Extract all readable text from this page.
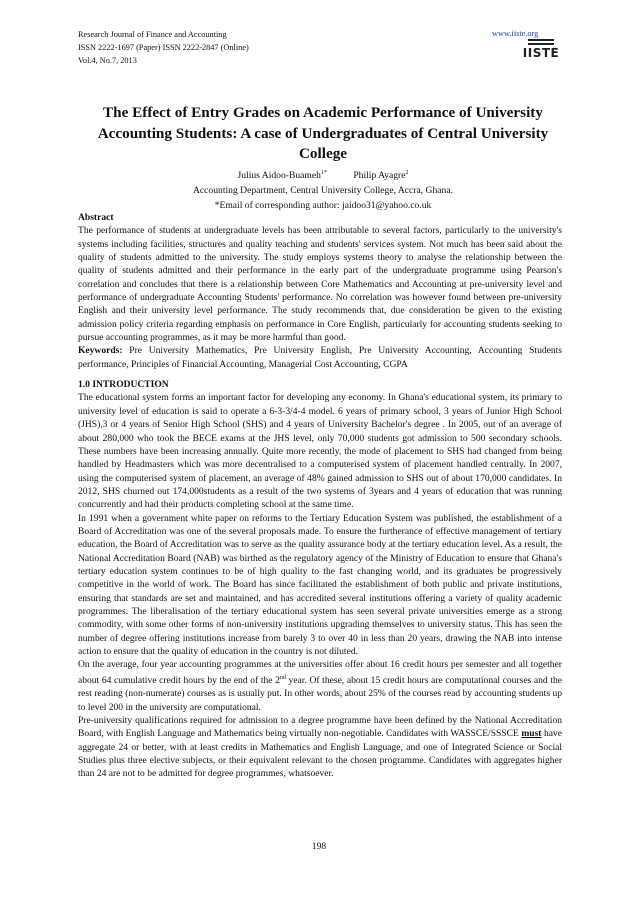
Research Journal of Finance and Accounting
ISSN 2222-1697 (Paper) ISSN 2222-2847 (Online)
Vol.4, No.7, 2013
www.iiste.org
IISTE
The Effect of Entry Grades on Academic Performance of University Accounting Students: A case of Undergraduates of Central University College
Julius Aidoo-Buameh$^{1*}$	Philip Ayagre$^2$
Accounting Department, Central University College, Accra, Ghana.
*Email of corresponding author: jaidoo31@yahoo.co.uk

Abstract

The performance of students at undergraduate levels has been attributable to several factors, particularly to the university's systems including facilities, structures and quality teaching and students' services system. Not much has been said about the quality of students admitted to the university. The study employs systems theory to analyse the relationship between the quality of students admitted and their performance in the early part of the undergraduate programme using Pearson's correlation and concludes that there is a relationship between Core Mathematics and Accounting at pre-university level and performance of undergraduate Accounting Students' performance. No correlation was however found between pre-university English and their university level performance. The study recommends that, due consideration be given to the existing admission policy criteria regarding emphasis on performance in Core English, particularly for accounting students seeking to pursue accounting programmes, as it may be more harmful than good.

Keywords: Pre University Mathematics, Pre University English, Pre University Accounting, Accounting Students performance, Principles of Financial Accounting, Managerial Cost Accounting, CGPA

1.0 INTRODUCTION

The educational system forms an important factor for developing any economy. In Ghana's educational system, its primary to university level of education is said to operate a 6-3-3/4-4 model. 6 years of primary school, 3 years of Junior High School (JHS),3 or 4 years of Senior High School (SHS) and 4 years of University Bachelor's degree . In 2005, out of an average of about 280,000 who took the BECE exams at the JHS level, only 70,000 students got admission to 500 secondary schools. These numbers have been increasing annually. Quite more recently, the mode of placement to SHS had changed from being handled by Headmasters which was more decentralised to a computerised system of placement handled centrally. In 2007, using the computerised system of placement, an average of 48% gained admission to SHS out of about 170,000 candidates. In 2012, SHS churned out 174,000students as a result of the two systems of 3years and 4 years of education that was running concurrently and had their products completing school at the same time.

In 1991 when a government white paper on reforms to the Tertiary Education System was published, the establishment of a Board of Accreditation was one of the several proposals made. To ensure the furtherance of effective management of tertiary education, the Board of Accreditation was to serve as the quality assurance body at the tertiary education level. As a result, the National Accreditation Board (NAB) was birthed as the regulatory agency of the Ministry of Education to ensure that Ghana's tertiary education system continues to be of high quality to the fast changing world, and its graduates be progressively competitive in the world of work. The Board has since facilitated the establishment of both public and private institutions, ensuring that standards are set and maintained, and has accredited several institutions offering a variety of quality academic programmes. The liberalisation of the tertiary educational system has seen several private universities emerge as a strong commodity, with some other forms of non-university institutions upgrading themselves to university status. This has seen the number of degree offering institutions increase from barely 3 to over 40 in less than 20 years, drawing the NAB into intense action to ensure that the quality of education in the country is not diluted.

On the average, four year accounting programmes at the universities offer about 16 credit hours per semester and all together about 64 cumulative credit hours by the end of the 2nd year. Of these, about 15 credit hours are computational courses and the rest reading (non-numerate) courses as is usually put. In other words, about 25% of the courses read by accounting students up to level 200 in the university are computational.

Pre-university qualifications required for admission to a degree programme have been defined by the National Accreditation Board, with English Language and Mathematics being virtually non-negotiable. Candidates with WASSCE/SSSCE must have aggregate 24 or better, with at least credits in Mathematics and English Language, and one of Integrated Science or Social Studies plus three elective subjects, or their equivalent relevant to the chosen programme. Candidates with aggregates higher than 24 are not to be admitted for degree programmes, whatsoever.

198
